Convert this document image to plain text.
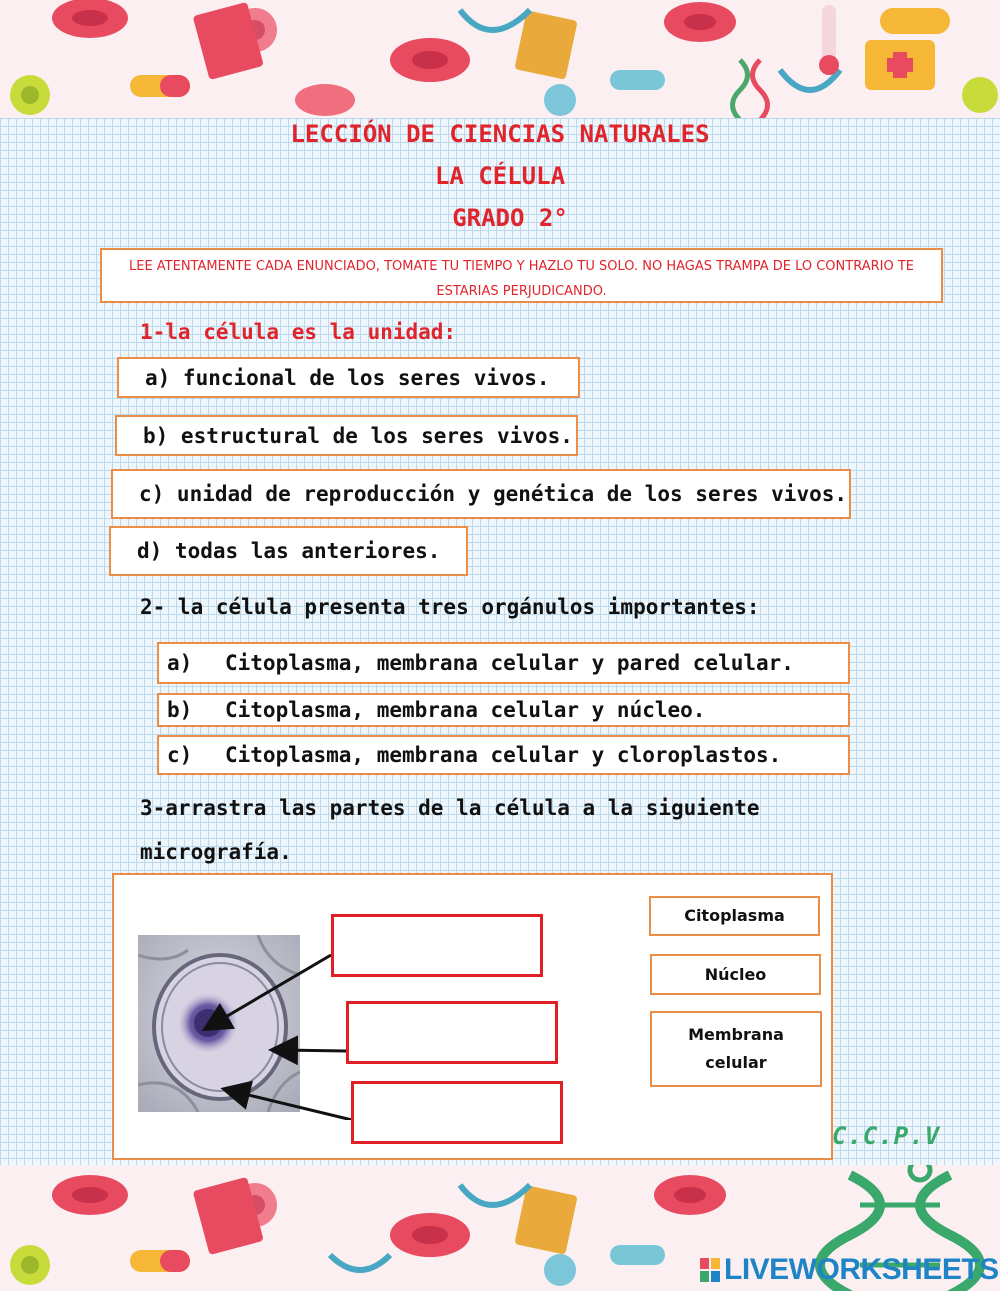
LECCIÓN DE CIENCIAS NATURALES
LA CÉLULA
GRADO 2°
LEE ATENTAMENTE CADA ENUNCIADO, TOMATE TU TIEMPO Y HAZLO TU SOLO. NO HAGAS TRAMPA DE LO CONTRARIO TE ESTARIAS PERJUDICANDO.
1-la célula es la unidad:
a) funcional de los seres vivos.
b) estructural de los seres vivos.
c) unidad de reproducción y genética de los seres vivos.
d) todas las anteriores.
2- la célula presenta tres orgánulos importantes:
a)	Citoplasma, membrana celular y pared celular.
b)	Citoplasma, membrana celular y núcleo.
c)	Citoplasma, membrana celular y cloroplastos.
3-arrastra las partes de la célula a la siguiente
micrografía.
Citoplasma
Núcleo
Membrana celular
C.C.P.V
LIVEWORKSHEETS
